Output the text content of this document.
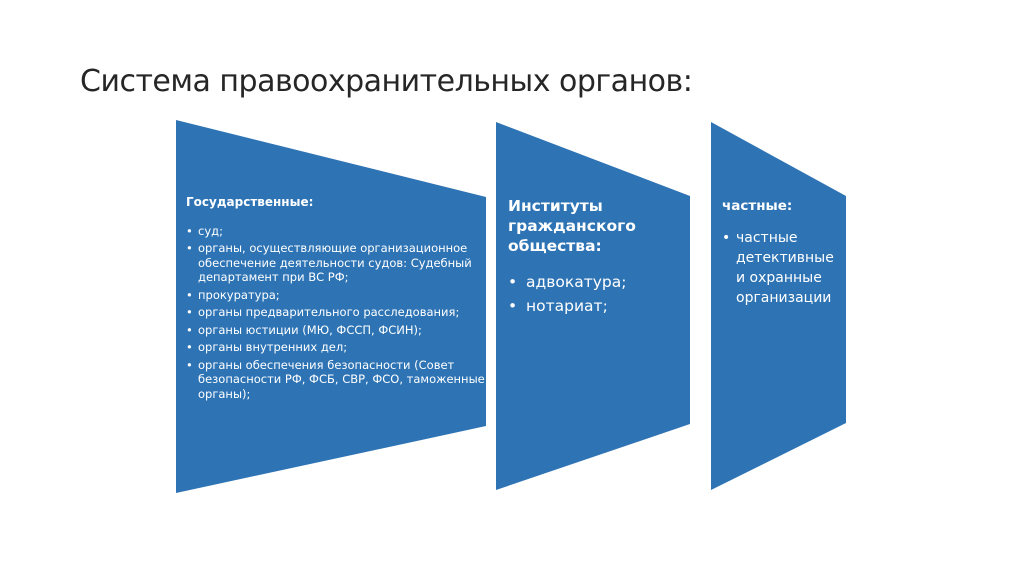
Система правоохранительных органов:
Государственные:
• суд;
• органы, осуществляющие организационное обеспечение деятельности судов: Судебный департамент при ВС РФ;
• прокуратура;
• органы предварительного расследования;
• органы юстиции (МЮ, ФССП, ФСИН);
• органы внутренних дел;
• органы обеспечения безопасности (Совет безопасности РФ, ФСБ, СВР, ФСО, таможенные органы);
Институты гражданского общества:
• адвокатура;
• нотариат;
частные:
• частные детективные и охранные организации
